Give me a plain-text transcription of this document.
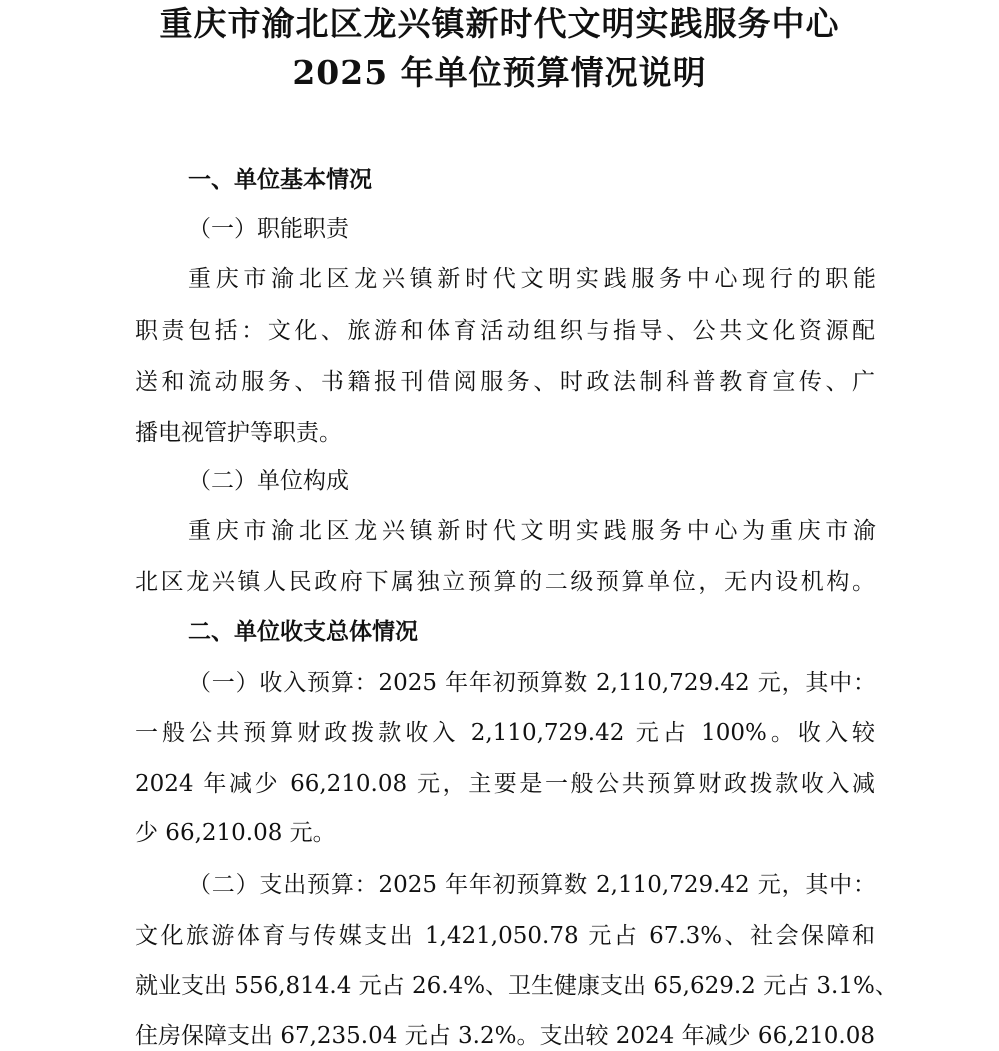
重庆市渝北区龙兴镇新时代文明实践服务中心
2025 年单位预算情况说明
一、单位基本情况
（一）职能职责
重庆市渝北区龙兴镇新时代文明实践服务中心现行的职能
职责包括：文化、旅游和体育活动组织与指导、公共文化资源配
送和流动服务、书籍报刊借阅服务、时政法制科普教育宣传、广
播电视管护等职责。
（二）单位构成
重庆市渝北区龙兴镇新时代文明实践服务中心为重庆市渝
北区龙兴镇人民政府下属独立预算的二级预算单位，无内设机构。
二、单位收支总体情况
（一）收入预算：2025 年年初预算数 2,110,729.42 元，其中：
一般公共预算财政拨款收入 2,110,729.42 元占 100%。收入较
2024 年减少 66,210.08 元，主要是一般公共预算财政拨款收入减
少 66,210.08 元。
（二）支出预算：2025 年年初预算数 2,110,729.42 元，其中：
文化旅游体育与传媒支出 1,421,050.78 元占 67.3%、社会保障和
就业支出 556,814.4 元占 26.4%、卫生健康支出 65,629.2 元占 3.1%、
住房保障支出 67,235.04 元占 3.2%。支出较 2024 年减少 66,210.08
